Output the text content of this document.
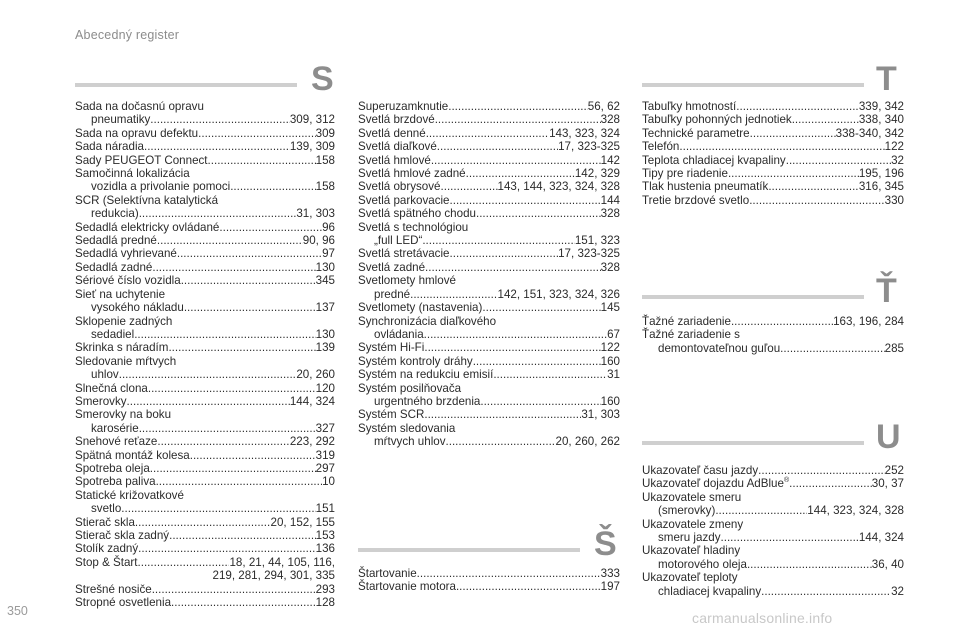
Abecedný register
S	T
Ť
U
Š
Sada na dočasnú opravu
pneumatiky .....	309, 312
Sada na opravu defektu .....	309
Sada náradia .....	139, 309
Sady PEUGEOT Connect .....	158
Samočinná lokalizácia
vozidla a privolanie pomoci .....	158
SCR (Selektívna katalytická
redukcia) .....	31, 303
Sedadlá elektricky ovládané .....	96
Sedadlá predné .....	90, 96
Sedadlá vyhrievané .....	97
Sedadlá zadné .....	130
Sériové číslo vozidla .....	345
Sieť na uchytenie
vysokého nákladu .....	137
Sklopenie zadných
sedadiel .....	130
Skrinka s náradím .....	139
Sledovanie mŕtvych
uhlov .....	20, 260
Slnečná clona .....	120
Smerovky .....	144, 324
Smerovky na boku
karosérie .....	327
Snehové reťaze .....	223, 292
Spätná montáž kolesa .....	319
Spotreba oleja .....	297
Spotreba paliva .....	10
Statické križovatkové
svetlo .....	151
Stierač skla .....	20, 152, 155
Stierač skla zadný .....	153
Stolík zadný .....	136
Stop & Štart .....	18, 21, 44, 105, 116,
219, 281, 294, 301, 335
Strešné nosiče .....	293
Stropné osvetlenia .....	128
Superuzamknutie .....	56, 62
Svetlá brzdové .....	328
Svetlá denné .....	143, 323, 324
Svetlá diaľkové .....	17, 323-325
Svetlá hmlové .....	142
Svetlá hmlové zadné .....	142, 329
Svetlá obrysové .....	143, 144, 323, 324, 328
Svetlá parkovacie .....	144
Svetlá spätného chodu .....	328
Svetlá s technológiou
„full LED“ .....	151, 323
Svetlá stretávacie .....	17, 323-325
Svetlá zadné .....	328
Svetlomety hmlové
predné .....	142, 151, 323, 324, 326
Svetlomety (nastavenia) .....	145
Synchronizácia diaľkového
ovládania .....	67
Systém Hi-Fi .....	122
Systém kontroly dráhy .....	160
Systém na redukciu emisií .....	31
Systém posilňovača
urgentného brzdenia .....	160
Systém SCR .....	31, 303
Systém sledovania
mŕtvych uhlov .....	20, 260, 262
Tabuľky hmotností .....	339, 342
Tabuľky pohonných jednotiek .....	338, 340
Technické parametre .....	338-340, 342
Telefón .....	122
Teplota chladiacej kvapaliny .....	32
Tipy pre riadenie .....	195, 196
Tlak hustenia pneumatík .....	316, 345
Tretie brzdové svetlo .....	330
Ťažné zariadenie .....	163, 196, 284
Ťažné zariadenie s
demontovateľnou guľou .....	285
Ukazovateľ času jazdy .....	252
Ukazovateľ dojazdu AdBlue® .....	30, 37
Ukazovatele smeru
(smerovky) .....	144, 323, 324, 328
Ukazovatele zmeny
smeru jazdy .....	144, 324
Ukazovateľ hladiny
motorového oleja .....	36, 40
Ukazovateľ teploty
chladiacej kvapaliny .....	32
Štartovanie .....	333
Štartovanie motora .....	197
350	carmanualsonline.info
